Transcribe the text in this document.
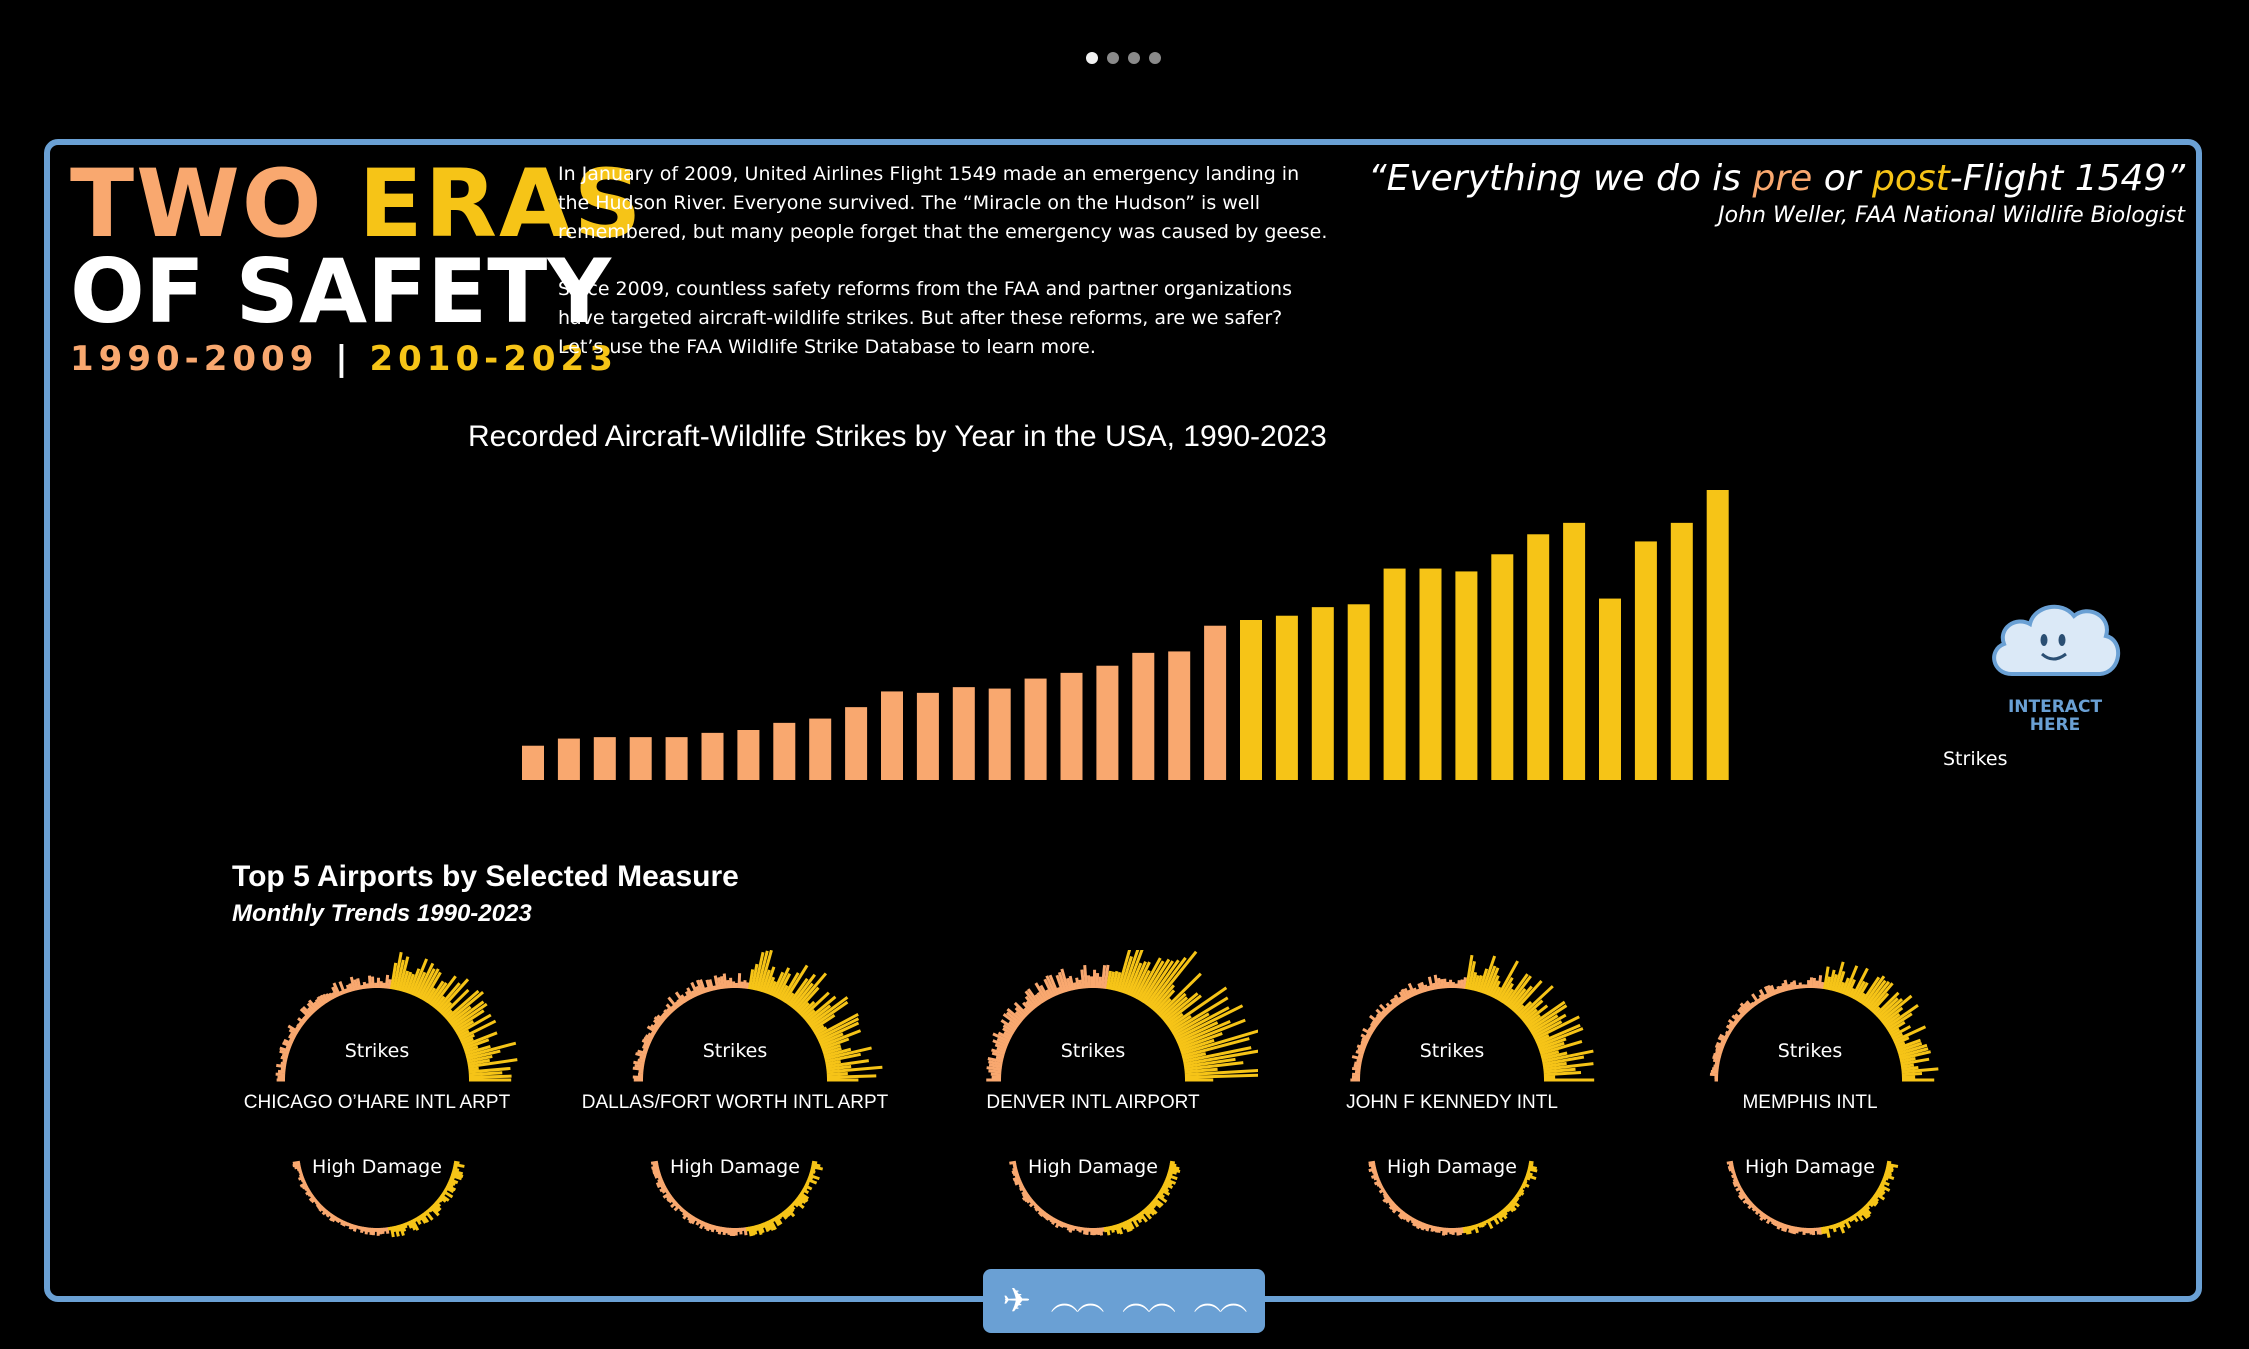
TWO ERAS
OF SAFETY
1990-2009 | 2010-2023

In January of 2009, United Airlines Flight 1549 made an emergency landing in the Hudson River. Everyone survived. The “Miracle on the Hudson” is well remembered, but many people forget that the emergency was caused by geese.

Since 2009, countless safety reforms from the FAA and partner organizations have targeted aircraft-wildlife strikes. But after these reforms, are we safer? Let’s use the FAA Wildlife Strike Database to learn more.

“Everything we do is pre or post-Flight 1549”
John Weller, FAA National Wildlife Biologist
Recorded Aircraft-Wildlife Strikes by Year in the USA, 1990-2023
INTERACT HERE
Strikes
Top 5 Airports by Selected Measure
Monthly Trends 1990-2023
Strikes
CHICAGO O’HARE INTL ARPT
High Damage
Strikes
DALLAS/FORT WORTH INTL ARPT
High Damage
Strikes
DENVER INTL AIRPORT
High Damage
Strikes
JOHN F KENNEDY INTL
High Damage
Strikes
MEMPHIS INTL
High Damage
✈ ︵︵ ︵︵ ︵︵
